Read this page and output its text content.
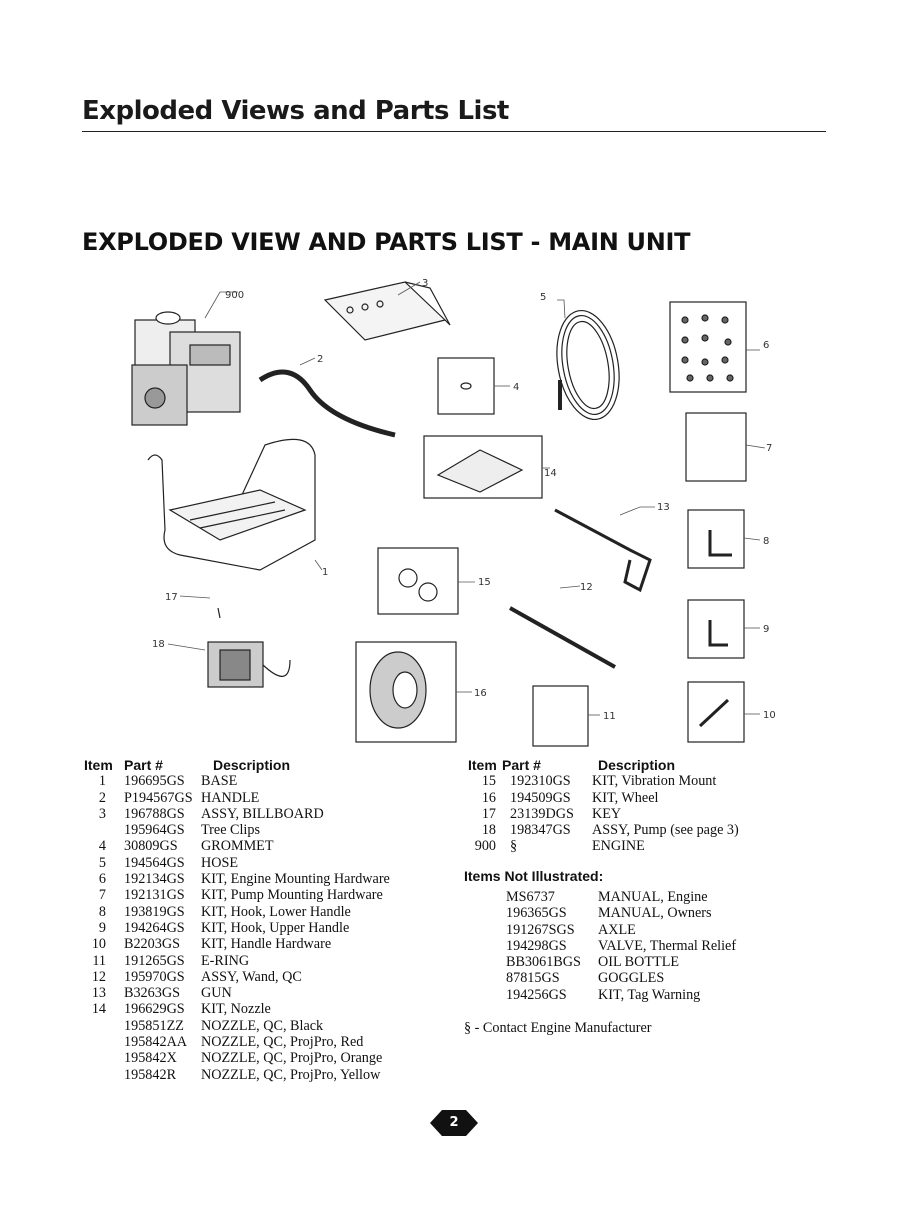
Exploded Views and Parts List
EXPLODED VIEW AND PARTS LIST - MAIN UNIT
900
3
5
6
2
4
14
7
13
8
1
15	12
17
9
18
16
11	10
Item Part #	Description
1	196695GS	BASE
2	P194567GS HANDLE
3	196788GS	ASSY, BILLBOARD
195964GS	Tree Clips
4	30809GS	GROMMET
5	194564GS	HOSE
6	192134GS	KIT, Engine Mounting Hardware
7	192131GS	KIT, Pump Mounting Hardware
8	193819GS	KIT, Hook, Lower Handle
9	194264GS	KIT, Hook, Upper Handle
10	B2203GS	KIT, Handle Hardware
11	191265GS	E-RING
12	195970GS	ASSY, Wand, QC
13	B3263GS	GUN
14	196629GS	KIT, Nozzle
195851ZZ	NOZZLE, QC, Black
195842AA NOZZLE, QC, ProjPro, Red
195842X	NOZZLE, QC, ProjPro, Orange
195842R	NOZZLE, QC, ProjPro, Yellow
Item Part #	Description
15 192310GS	KIT, Vibration Mount
16 194509GS	KIT, Wheel
17 23139DGS	KEY
18 198347GS	ASSY, Pump (see page 3)
900 §	ENGINE
Items Not Illustrated:
MS6737	MANUAL, Engine
196365GS	MANUAL, Owners
191267SGS	AXLE
194298GS	VALVE, Thermal Relief
BB3061BGS	OIL BOTTLE
87815GS	GOGGLES
194256GS	KIT, Tag Warning
§ - Contact Engine Manufacturer
2
